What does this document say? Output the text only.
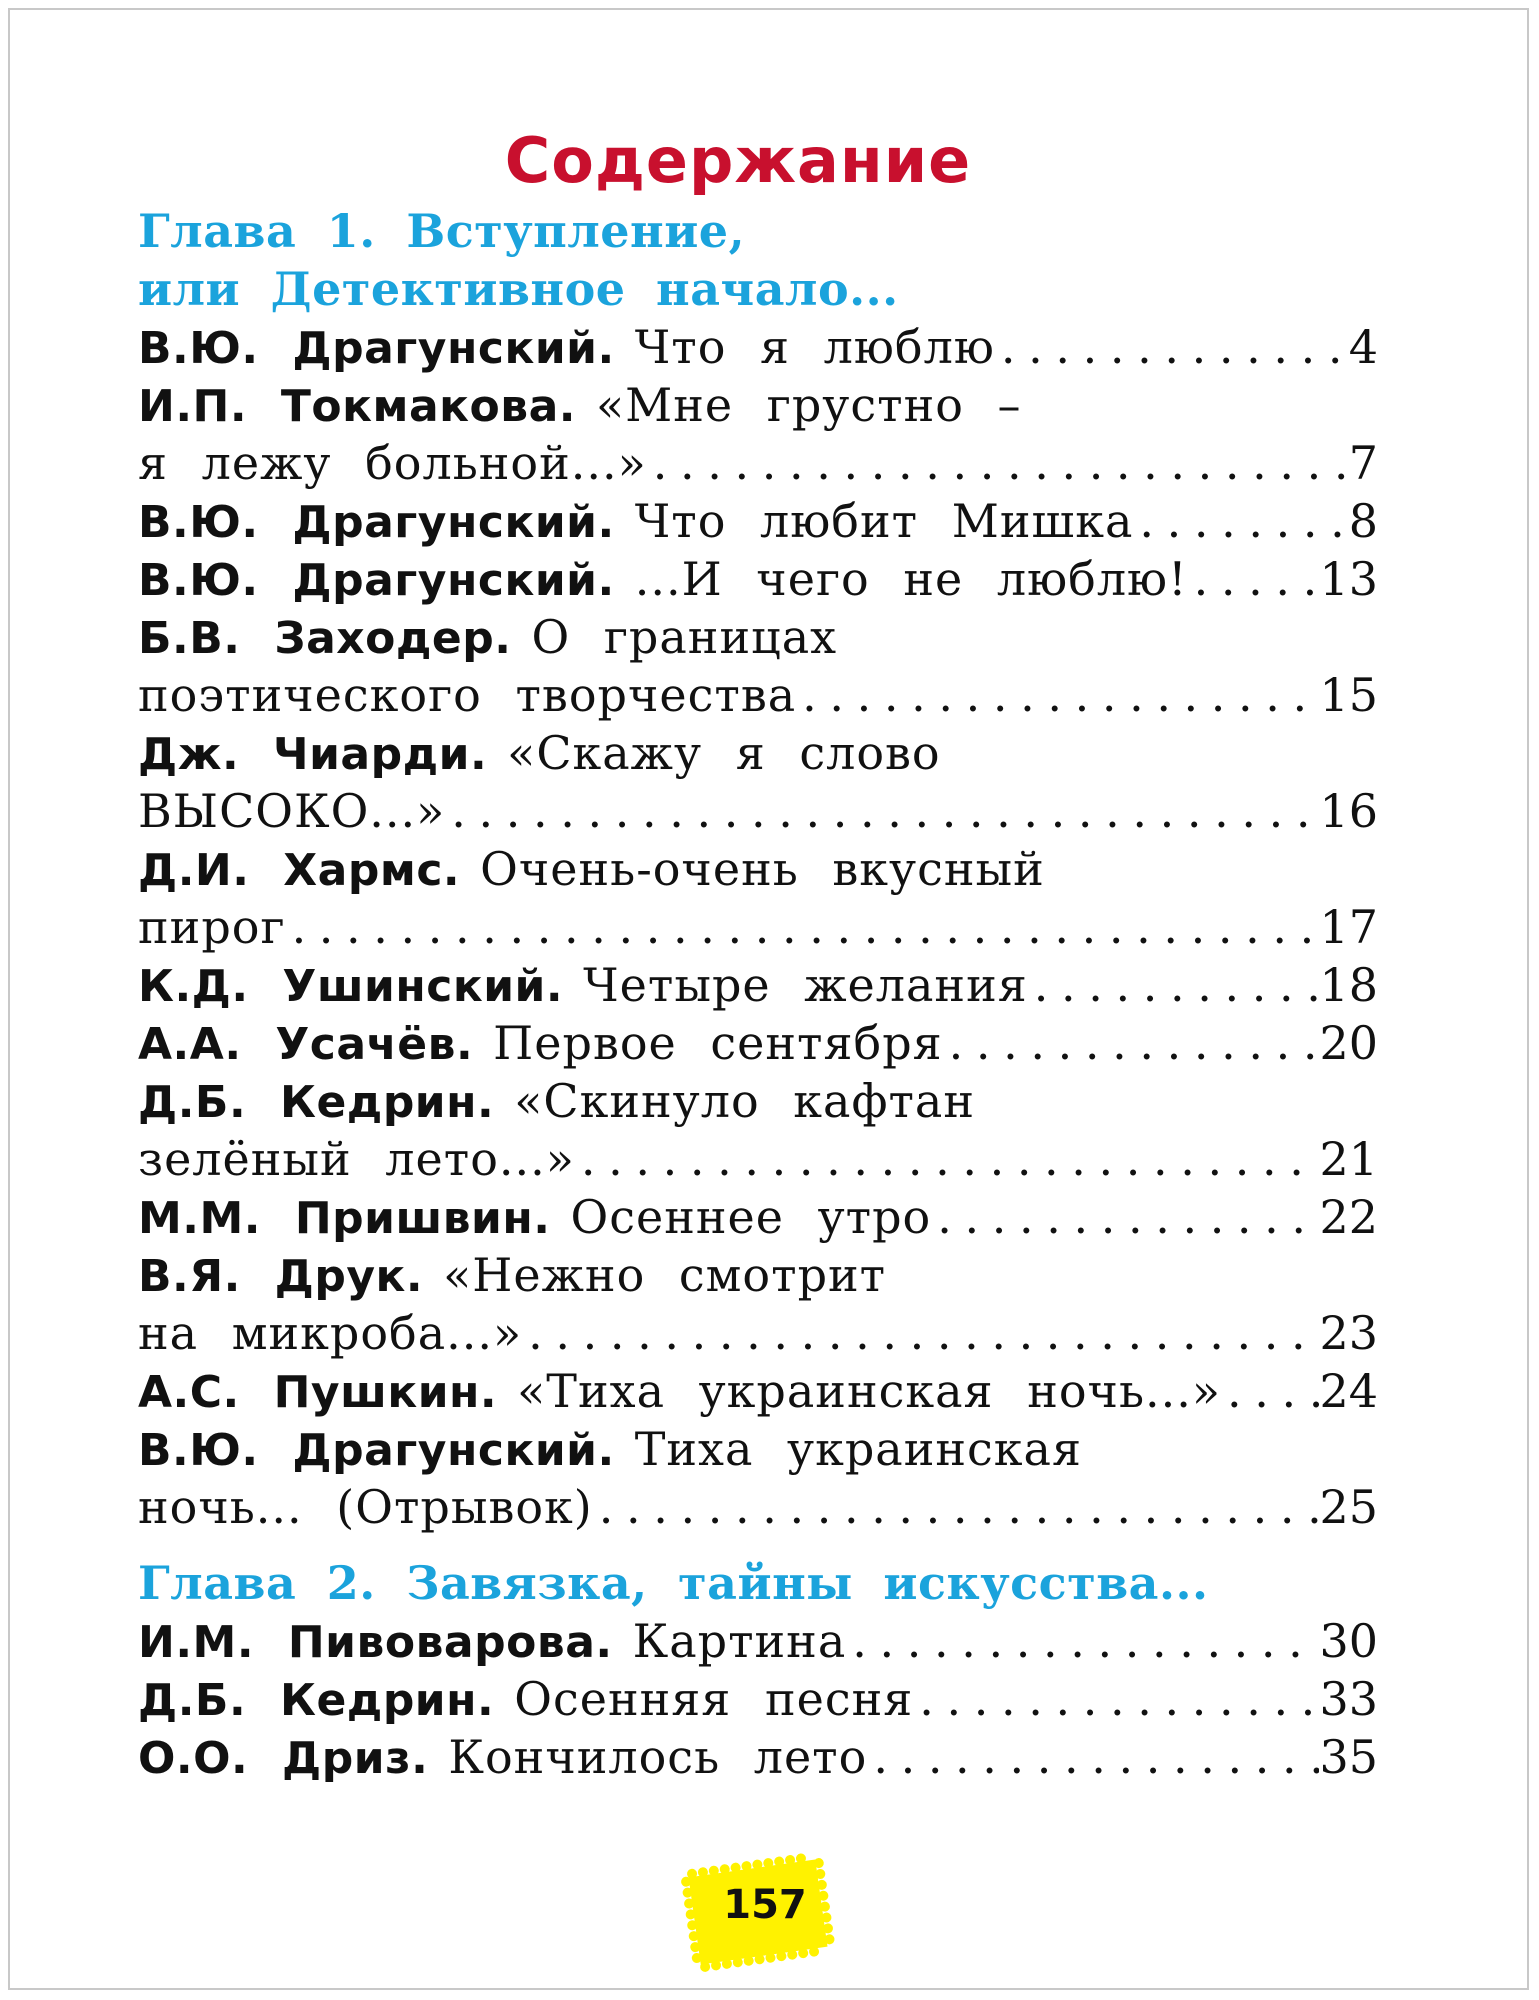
Содержание
Глава 1. Вступление,
или Детективное начало...
В.Ю. Драгунский. Что я люблю . . .	4
И.П. Токмакова. «Мне грустно –
я лежу больной...» . . .	7
В.Ю. Драгунский. Что любит Мишка . . .	8
В.Ю. Драгунский. ...И чего не люблю! . . .	13
Б.В. Заходер. О границах
поэтического творчества . . .	15
Дж. Чиарди. «Скажу я слово
ВЫСОКО...» . . .	16
Д.И. Хармс. Очень-очень вкусный
пирог . . .	17
К.Д. Ушинский. Четыре желания . . .	18
А.А. Усачёв. Первое сентября . . .	20
Д.Б. Кедрин. «Скинуло кафтан
зелёный лето...» . . .	21
М.М. Пришвин. Осеннее утро . . .	22
В.Я. Друк. «Нежно смотрит
на микроба...» . . .	23
А.С. Пушкин. «Тиха украинская ночь...» . . . 24
В.Ю. Драгунский. Тиха украинская
ночь... (Отрывок) . . .	25
Глава 2. Завязка, тайны искусства...
И.М. Пивоварова. Картина . . .	30
Д.Б. Кедрин. Осенняя песня . . .	33
О.О. Дриз. Кончилось лето . . .	35
157
